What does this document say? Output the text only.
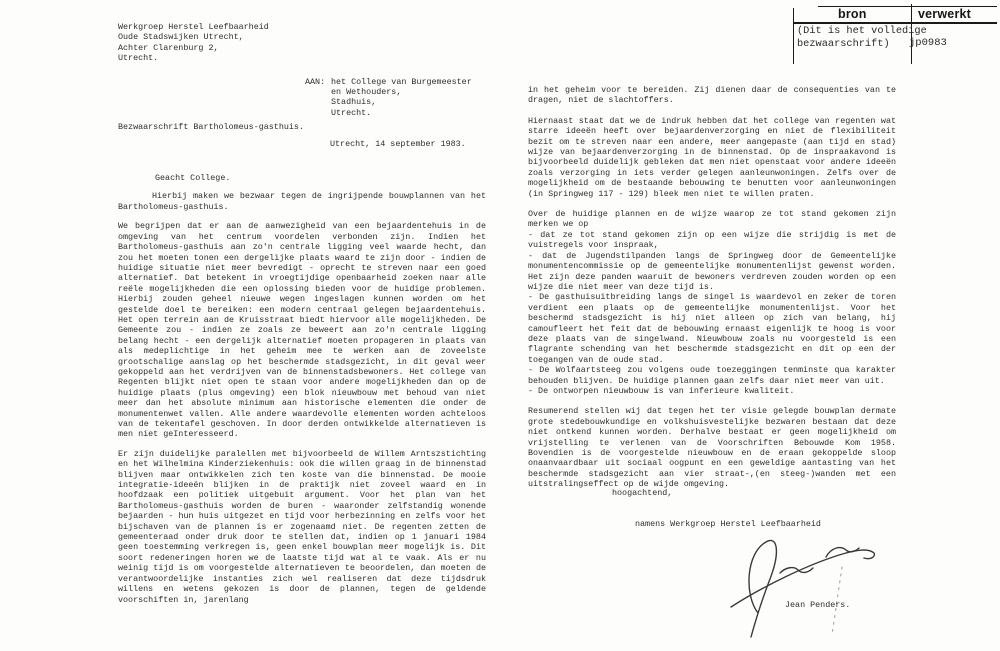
bron	verwerkt
(Dit is het volledige
bezwaarschrift)	jp0983
Werkgroep Herstel Leefbaarheid
Oude Stadswijken Utrecht,
Achter Clarenburg 2,
Utrecht.
AAN: het College van Burgemeester
en Wethouders,
Stadhuis,
Utrecht.
Bezwaarschrift Bartholomeus-gasthuis.
Utrecht, 14 september 1983.
Geacht College.

Hierbij maken we bezwaar tegen de ingrijpende bouwplannen van het Bartholomeus-gasthuis.

We begrijpen dat er aan de aanwezigheid van een bejaardentehuis in de omgeving van het centrum voordelen verbonden zijn. Indien het Bartholomeus-gasthuis aan zo'n centrale ligging veel waarde hecht, dan zou het moeten tonen een dergelijke plaats waard te zijn door - indien de huidige situatie niet meer bevredigt - oprecht te streven naar een goed alternatief. Dat betekent in vroegtijdige openbaarheid zoeken naar alle reële mogelijkheden die een oplossing bieden voor de huidige problemen. Hierbij zouden geheel nieuwe wegen ingeslagen kunnen worden om het gestelde doel te bereiken: een modern centraal gelegen bejaardentehuis. Het open terrein aan de Kruisstraat biedt hiervoor alle mogelijkheden. De Gemeente zou - indien ze zoals ze beweert aan zo'n centrale ligging belang hecht - een dergelijk alternatief moeten propageren in plaats van als medeplichtige in het geheim mee te werken aan de zoveelste grootschalige aanslag op het beschermde stadsgezicht, in dit geval weer gekoppeld aan het verdrijven van de binnenstadsbewoners. Het college van Regenten blijkt niet open te staan voor andere mogelijkheden dan op de huidige plaats (plus omgeving) een blok nieuwbouw met behoud van niet meer dan het absolute minimum aan historische elementen die onder de monumentenwet vallen. Alle andere waardevolle elementen worden achteloos van de tekentafel geschoven. In door derden ontwikkelde alternatieven is men niet geInteresseerd.

Er zijn duidelijke paralellen met bijvoorbeeld de Willem Arntszstichting en het Wilhelmina Kinderziekenhuis: ook die willen graag in de binnenstad blijven maar ontwikkelen zich ten koste van die binnenstad. De mooie integratie-ideeën blijken in de praktijk niet zoveel waard en in hoofdzaak een politiek uitgebuit argument. Voor het plan van het Bartholomeus-gasthuis worden de buren - waaronder zelfstandig wonende bejaarden - hun huis uitgezet en tijd voor herbezinning en zelfs voor het bijschaven van de plannen is er zogenaamd niet. De regenten zetten de gemeenteraad onder druk door te stellen dat, indien op 1 januari 1984 geen toestemming verkregen is, geen enkel bouwplan meer mogelijk is. Dit soort redeneringen horen we de laatste tijd wat al te vaak. Als er nu weinig tijd is om voorgestelde alternatieven te beoordelen, dan moeten de verantwoordelijke instanties zich wel realiseren dat deze tijdsdruk willens en wetens gekozen is door de plannen, tegen de geldende voorschiften in, jarenlang

in het geheim voor te bereiden. Zij dienen daar de consequenties van te dragen, niet de slachtoffers.

Hiernaast staat dat we de indruk hebben dat het college van regenten wat starre ideeën heeft over bejaardenverzorging en niet de flexibiliteit bezit om te streven naar een andere, meer aangepaste (aan tijd en stad) wijze van bejaardenverzorging in de binnenstad. Op de inspraakavond is bijvoorbeeld duidelijk gebleken dat men niet openstaat voor andere ideeën zoals verzorging in iets verder gelegen aanleunwoningen. Zelfs over de mogelijkheid om de bestaande bebouwing te benutten voor aanleunwoningen (in Springweg 117 - 129) bleek men niet te willen praten.

Over de huidige plannen en de wijze waarop ze tot stand gekomen zijn merken we op

- dat ze tot stand gekomen zijn op een wijze die strijdig is met de vuistregels voor inspraak,

- dat de Jugendstilpanden langs de Springweg door de Gemeentelijke monumentencommissie op de gemeentelijke monumentenlijst gewenst worden. Het zijn deze panden waaruit de bewoners verdreven zouden worden op een wijze die niet meer van deze tijd is.

- De gasthuisuitbreiding langs de singel is waardevol en zeker de toren verdient een plaats op de gemeentelijke monumentenlijst. Voor het beschermd stadsgezicht is hij niet alleen op zich van belang, hij camoufleert het feit dat de bebouwing ernaast eigenlijk te hoog is voor deze plaats van de singelwand. Nieuwbouw zoals nu voorgesteld is een flagrante schending van het beschermde stadsgezicht en dit op een der toegangen van de oude stad.

- De Wolfaartsteeg zou volgens oude toezeggingen tenminste qua karakter behouden blijven. De huidige plannen gaan zelfs daar niet meer van uit.

- De ontworpen nieuwbouw is van inferieure kwaliteit.

Resumerend stellen wij dat tegen het ter visie gelegde bouwplan dermate grote stedebouwkundige en volkshuisvestelijke bezwaren bestaan dat deze niet ontkend kunnen worden. Derhalve bestaat er geen mogelijkheid om vrijstelling te verlenen van de Voorschriften Bebouwde Kom 1958. Bovendien is de voorgestelde nieuwbouw en de eraan gekoppelde sloop onaanvaardbaar uit sociaal oogpunt en een geweldige aantasting van het beschermde stadsgezicht aan vier straat-,(en steeg-)wanden met een uitstralingseffect op de wijde omgeving.

hoogachtend,
namens Werkgroep Herstel Leefbaarheid
Jean Penders.
